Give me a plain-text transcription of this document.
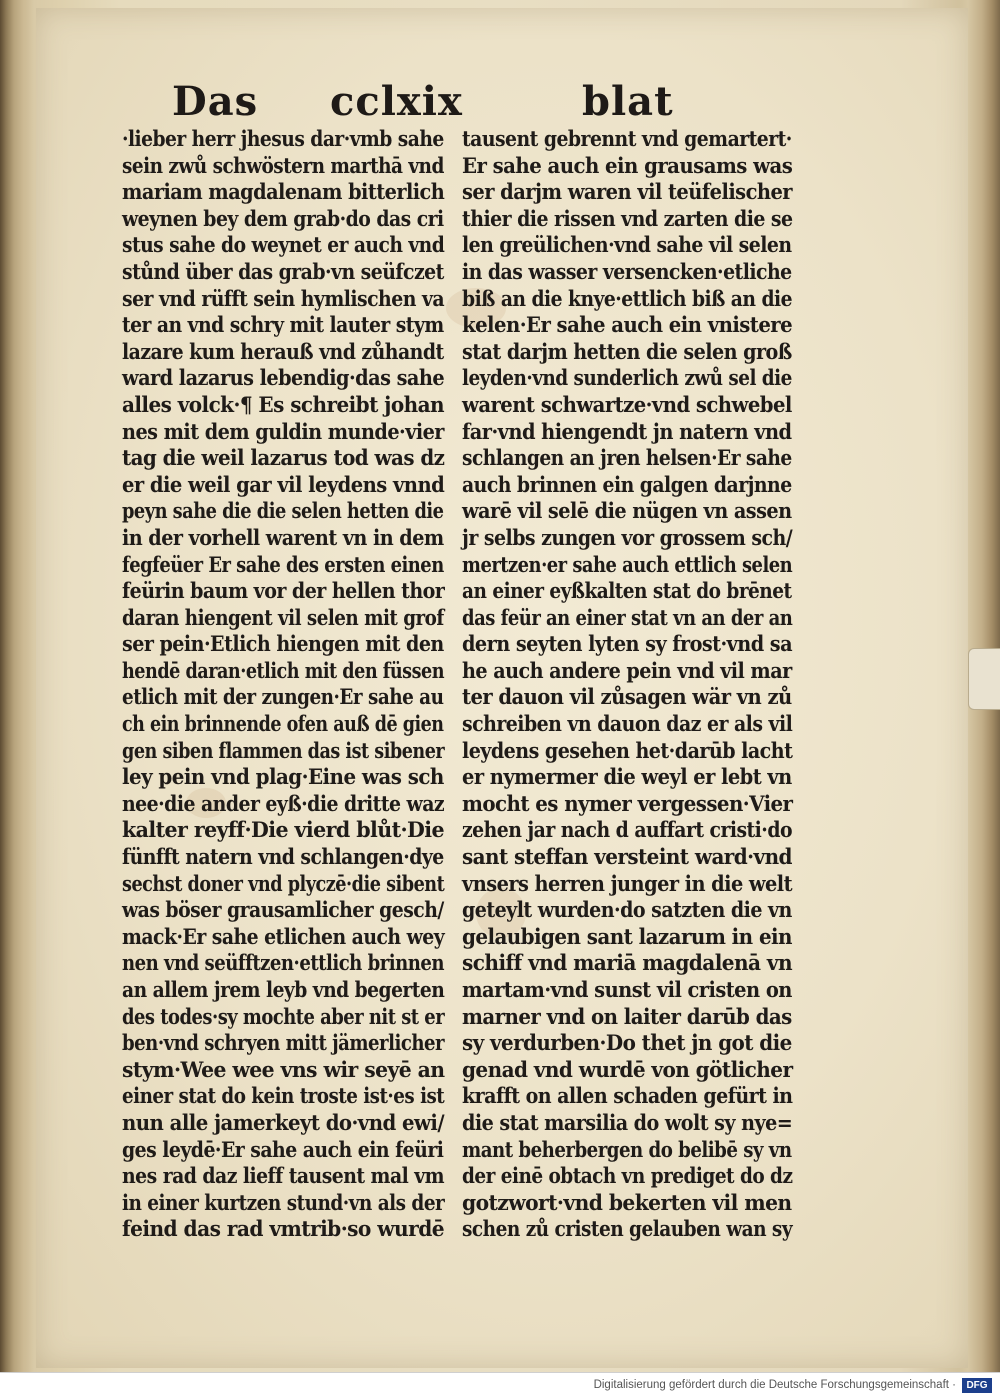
Das cclxix	blat
·lieber herr jhesus dar·vmb sahe
sein zwů schwöstern marthā vnd
mariam magdalenam bitterlich
weynen bey dem grab·do das cri
stus sahe do weynet er auch vnd
stůnd über das grab·vn seüfczet
ser vnd rüfft sein hymlischen va
ter an vnd schry mit lauter stym
lazare kum herauß vnd zůhandt
ward lazarus lebendig·das sahe
alles volck·¶ Es schreibt johan
nes mit dem guldin munde·vier
tag die weil lazarus tod was dz
er die weil gar vil leydens vnnd
peyn sahe die die selen hetten die
in der vorhell warent vn in dem
fegfeüer Er sahe des ersten einen
feürin baum vor der hellen thor
daran hiengent vil selen mit grof
ser pein·Etlich hiengen mit den
hendē daran·etlich mit den füssen
etlich mit der zungen·Er sahe au
ch ein brinnende ofen auß dē gien
gen siben flammen das ist sibener
ley pein vnd plag·Eine was sch
nee·die ander eyß·die dritte waz
kalter reyff·Die vierd blůt·Die
fünfft natern vnd schlangen·dye
sechst doner vnd plyczē·die sibent
was böser grausamlicher gesch/
mack·Er sahe etlichen auch wey
nen vnd seüfftzen·ettlich brinnen
an allem jrem leyb vnd begerten
des todes·sy mochte aber nit st er
ben·vnd schryen mitt jämerlicher
stym·Wee wee vns wir seyē an
einer stat do kein troste ist·es ist
nun alle jamerkeyt do·vnd ewi/
ges leydē·Er sahe auch ein feüri
nes rad daz lieff tausent mal vm
in einer kurtzen stund·vn als der
feind das rad vmtrib·so wurdē
tausent gebrennt vnd gemartert·
Er sahe auch ein grausams was
ser darjm waren vil teüfelischer
thier die rissen vnd zarten die se
len greülichen·vnd sahe vil selen
in das wasser versencken·etliche
biß an die knye·ettlich biß an die
kelen·Er sahe auch ein vnistere
stat darjm hetten die selen groß
leyden·vnd sunderlich zwů sel die
warent schwartze·vnd schwebel
far·vnd hiengendt jn natern vnd
schlangen an jren helsen·Er sahe
auch brinnen ein galgen darjnne
warē vil selē die nügen vn assen
jr selbs zungen vor grossem sch/
mertzen·er sahe auch ettlich selen
an einer eyßkalten stat do brēnet
das feür an einer stat vn an der an
dern seyten lyten sy frost·vnd sa
he auch andere pein vnd vil mar
ter dauon vil zůsagen wär vn zů
schreiben vn dauon daz er als vil
leydens gesehen het·darūb lacht
er nymermer die weyl er lebt vn
mocht es nymer vergessen·Vier
zehen jar nach d auffart cristi·do
sant steffan versteint ward·vnd
vnsers herren junger in die welt
geteylt wurden·do satzten die vn
gelaubigen sant lazarum in ein
schiff vnd mariā magdalenā vn
martam·vnd sunst vil cristen on
marner vnd on laiter darūb das
sy verdurben·Do thet jn got die
genad vnd wurdē von götlicher
krafft on allen schaden gefürt in
die stat marsilia do wolt sy nye=
mant beherbergen do belibē sy vn
der einē obtach vn prediget do dz
gotzwort·vnd bekerten vil men
schen zů cristen gelauben wan sy
Digitalisierung gefördert durch die Deutsche Forschungsgemeinschaft ·	DFG
